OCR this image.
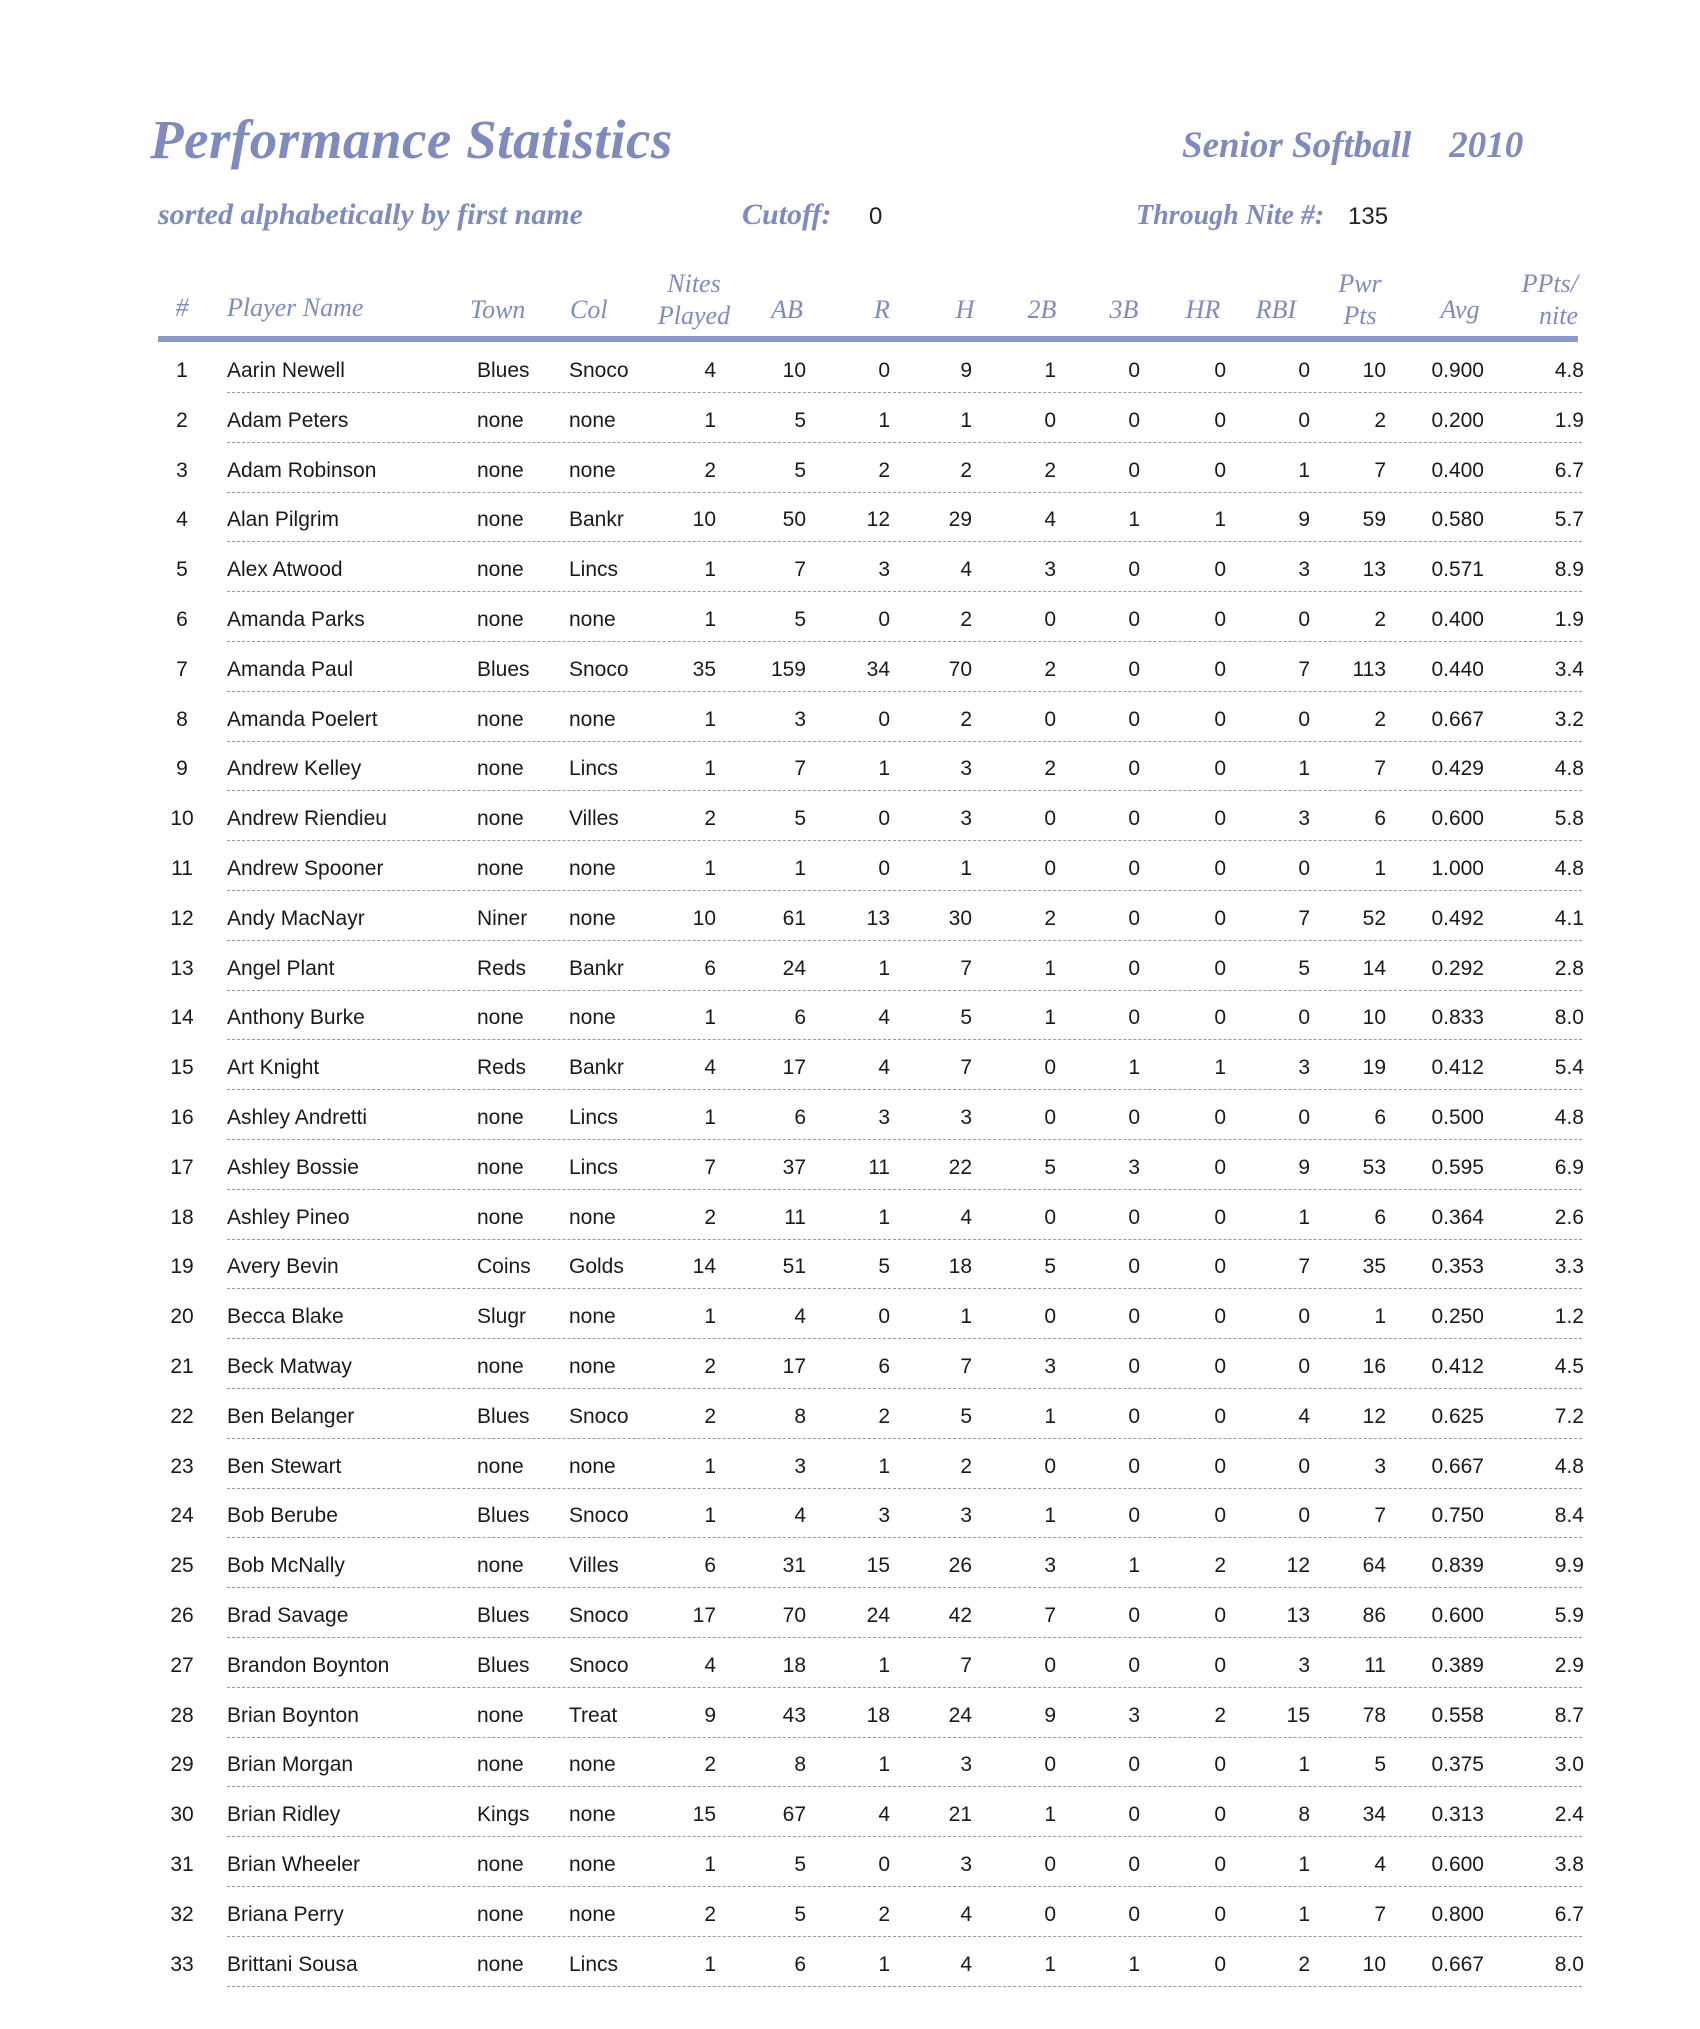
Performance Statistics	Senior Softball 2010
sorted alphabetically by first name	Cutoff: 0	Through Nite #: 135
# Player Name	Town Col
Nites
Played	AB	R	H	2B 3B HR RBI
Pwr
Pts	Avg
PPts/
nite
1 Aarin Newell	Blues Snoco	4	10	0	9	1	0	0	0	10	0.900	4.8
2 Adam Peters	none none	1	5	1	1	0	0	0	0	2	0.200	1.9
3 Adam Robinson	none none	2	5	2	2	2	0	0	1	7	0.400	6.7
4 Alan Pilgrim	none Bankr	10	50	12	29	4	1	1	9	59	0.580	5.7
5 Alex Atwood	none Lincs	1	7	3	4	3	0	0	3	13	0.571	8.9
6 Amanda Parks	none none	1	5	0	2	0	0	0	0	2	0.400	1.9
7 Amanda Paul	Blues Snoco	35	159	34	70	2	0	0	7	113	0.440	3.4
8 Amanda Poelert	none none	1	3	0	2	0	0	0	0	2	0.667	3.2
9 Andrew Kelley	none Lincs	1	7	1	3	2	0	0	1	7	0.429	4.8
10 Andrew Riendieu	none Villes	2	5	0	3	0	0	0	3	6	0.600	5.8
11 Andrew Spooner	none none	1	1	0	1	0	0	0	0	1	1.000	4.8
12 Andy MacNayr	Niner none	10	61	13	30	2	0	0	7	52	0.492	4.1
13 Angel Plant	Reds Bankr	6	24	1	7	1	0	0	5	14	0.292	2.8
14 Anthony Burke	none none	1	6	4	5	1	0	0	0	10	0.833	8.0
15 Art Knight	Reds Bankr	4	17	4	7	0	1	1	3	19	0.412	5.4
16 Ashley Andretti	none Lincs	1	6	3	3	0	0	0	0	6	0.500	4.8
17 Ashley Bossie	none Lincs	7	37	11	22	5	3	0	9	53	0.595	6.9
18 Ashley Pineo	none none	2	11	1	4	0	0	0	1	6	0.364	2.6
19 Avery Bevin	Coins Golds	14	51	5	18	5	0	0	7	35	0.353	3.3
20 Becca Blake	Slugr none	1	4	0	1	0	0	0	0	1	0.250	1.2
21 Beck Matway	none none	2	17	6	7	3	0	0	0	16	0.412	4.5
22 Ben Belanger	Blues Snoco	2	8	2	5	1	0	0	4	12	0.625	7.2
23 Ben Stewart	none none	1	3	1	2	0	0	0	0	3	0.667	4.8
24 Bob Berube	Blues Snoco	1	4	3	3	1	0	0	0	7	0.750	8.4
25 Bob McNally	none Villes	6	31	15	26	3	1	2	12	64	0.839	9.9
26 Brad Savage	Blues Snoco	17	70	24	42	7	0	0	13	86	0.600	5.9
27 Brandon Boynton	Blues Snoco	4	18	1	7	0	0	0	3	11	0.389	2.9
28 Brian Boynton	none Treat	9	43	18	24	9	3	2	15	78	0.558	8.7
29 Brian Morgan	none none	2	8	1	3	0	0	0	1	5	0.375	3.0
30 Brian Ridley	Kings none	15	67	4	21	1	0	0	8	34	0.313	2.4
31 Brian Wheeler	none none	1	5	0	3	0	0	0	1	4	0.600	3.8
32 Briana Perry	none none	2	5	2	4	0	0	0	1	7	0.800	6.7
33 Brittani Sousa	none Lincs	1	6	1	4	1	1	0	2	10	0.667	8.0
